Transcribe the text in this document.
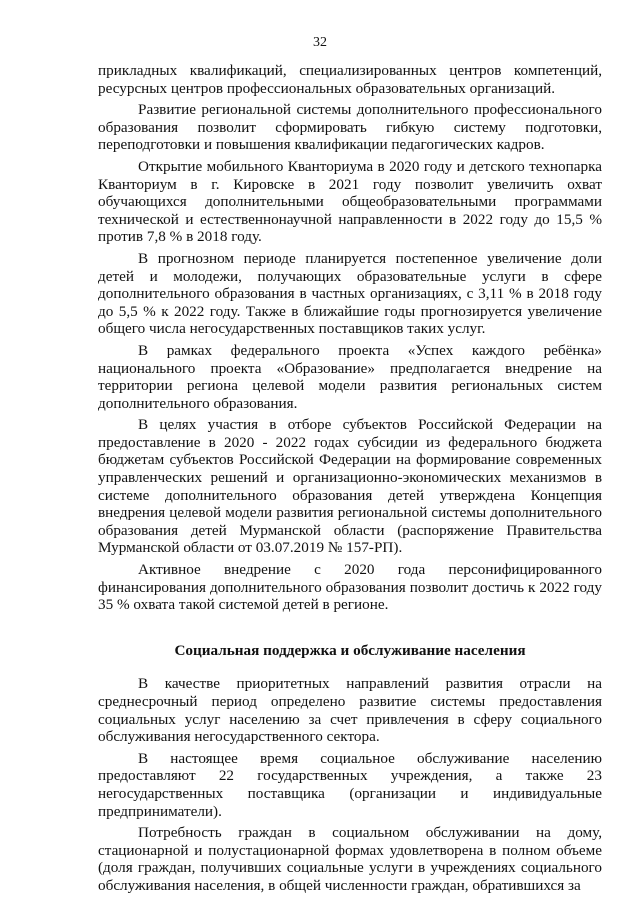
32

прикладных квалификаций, специализированных центров компетенций, ресурсных центров профессиональных образовательных организаций.

Развитие региональной системы дополнительного профессионального образования позволит сформировать гибкую систему подготовки, переподготовки и повышения квалификации педагогических кадров.

Открытие мобильного Кванториума в 2020 году и детского технопарка Кванториум в г. Кировске в 2021 году позволит увеличить охват обучающихся дополнительными общеобразовательными программами технической и естественнонаучной направленности в 2022 году до 15,5 % против 7,8 % в 2018 году.

В прогнозном периоде планируется постепенное увеличение доли детей и молодежи, получающих образовательные услуги в сфере дополнительного образования в частных организациях, с 3,11 % в 2018 году до 5,5 % к 2022 году. Также в ближайшие годы прогнозируется увеличение общего числа негосударственных поставщиков таких услуг.

В рамках федерального проекта «Успех каждого ребёнка» национального проекта «Образование» предполагается внедрение на территории региона целевой модели развития региональных систем дополнительного образования.

В целях участия в отборе субъектов Российской Федерации на предоставление в 2020 - 2022 годах субсидии из федерального бюджета бюджетам субъектов Российской Федерации на формирование современных управленческих решений и организационно-экономических механизмов в системе дополнительного образования детей утверждена Концепция внедрения целевой модели развития региональной системы дополнительного образования детей Мурманской области (распоряжение Правительства Мурманской области от 03.07.2019 № 157-РП).

Активное внедрение с 2020 года персонифицированного финансирования дополнительного образования позволит достичь к 2022 году 35 % охвата такой системой детей в регионе.

Социальная поддержка и обслуживание населения

В качестве приоритетных направлений развития отрасли на среднесрочный период определено развитие системы предоставления социальных услуг населению за счет привлечения в сферу социального обслуживания негосударственного сектора.

В настоящее время социальное обслуживание населению предоставляют 22 государственных учреждения, а также 23 негосударственных поставщика (организации и индивидуальные предприниматели).

Потребность граждан в социальном обслуживании на дому, стационарной и полустационарной формах удовлетворена в полном объеме (доля граждан, получивших социальные услуги в учреждениях социального обслуживания населения, в общей численности граждан, обратившихся за
